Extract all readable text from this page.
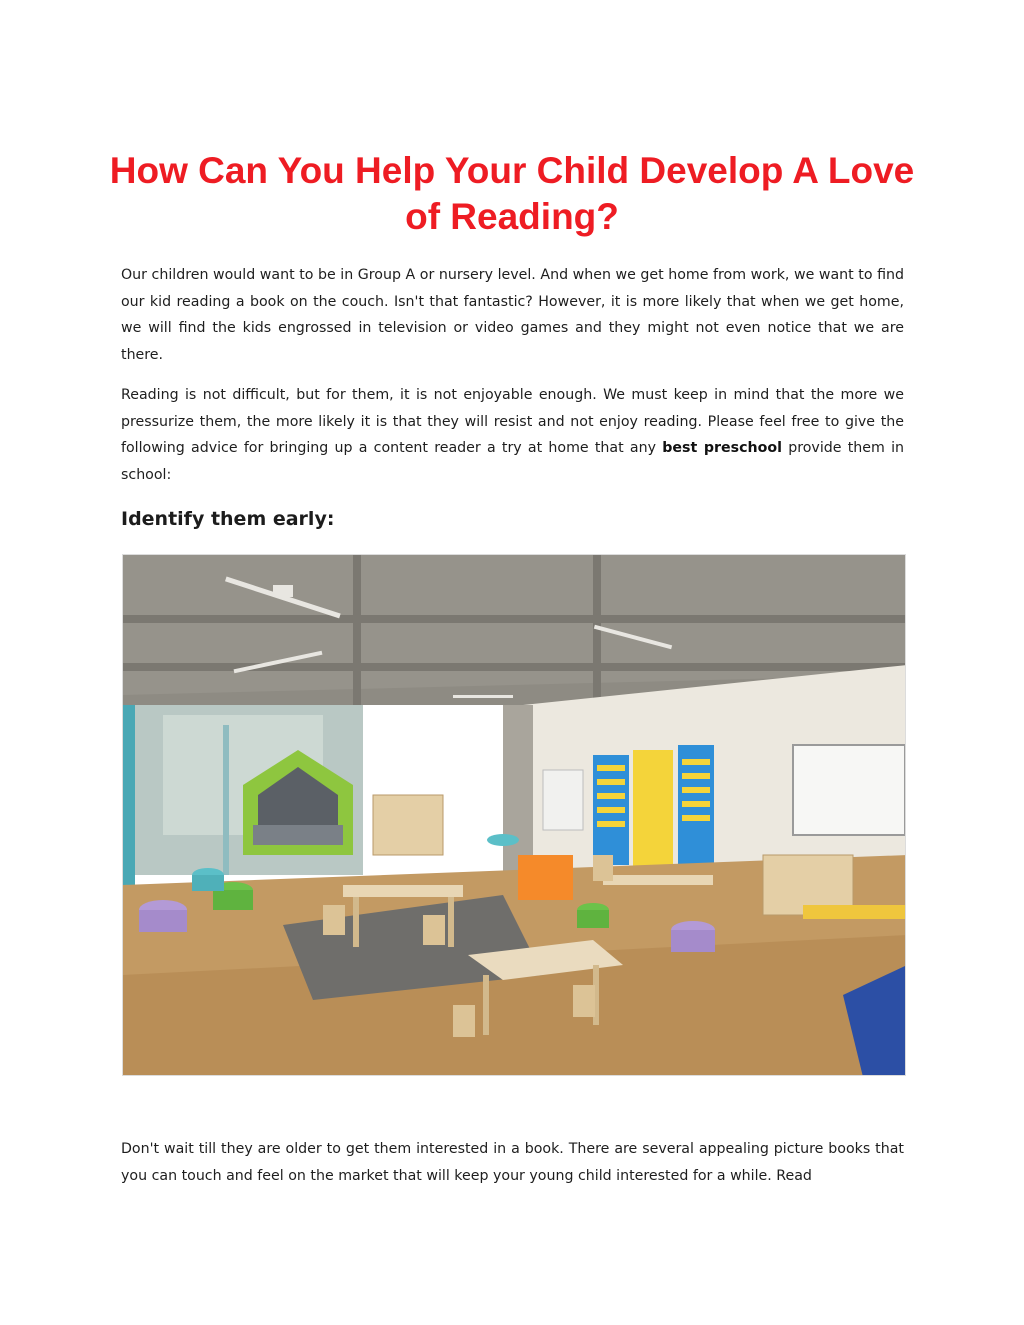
How Can You Help Your Child Develop A Love of Reading?

Our children would want to be in Group A or nursery level. And when we get home from work, we want to find our kid reading a book on the couch. Isn't that fantastic? However, it is more likely that when we get home, we will find the kids engrossed in television or video games and they might not even notice that we are there.

Reading is not difficult, but for them, it is not enjoyable enough. We must keep in mind that the more we pressurize them, the more likely it is that they will resist and not enjoy reading. Please feel free to give the following advice for bringing up a content reader a try at home that any best preschool provide them in school:

Identify them early:

Don't wait till they are older to get them interested in a book. There are several appealing picture books that you can touch and feel on the market that will keep your young child interested for a while. Read
